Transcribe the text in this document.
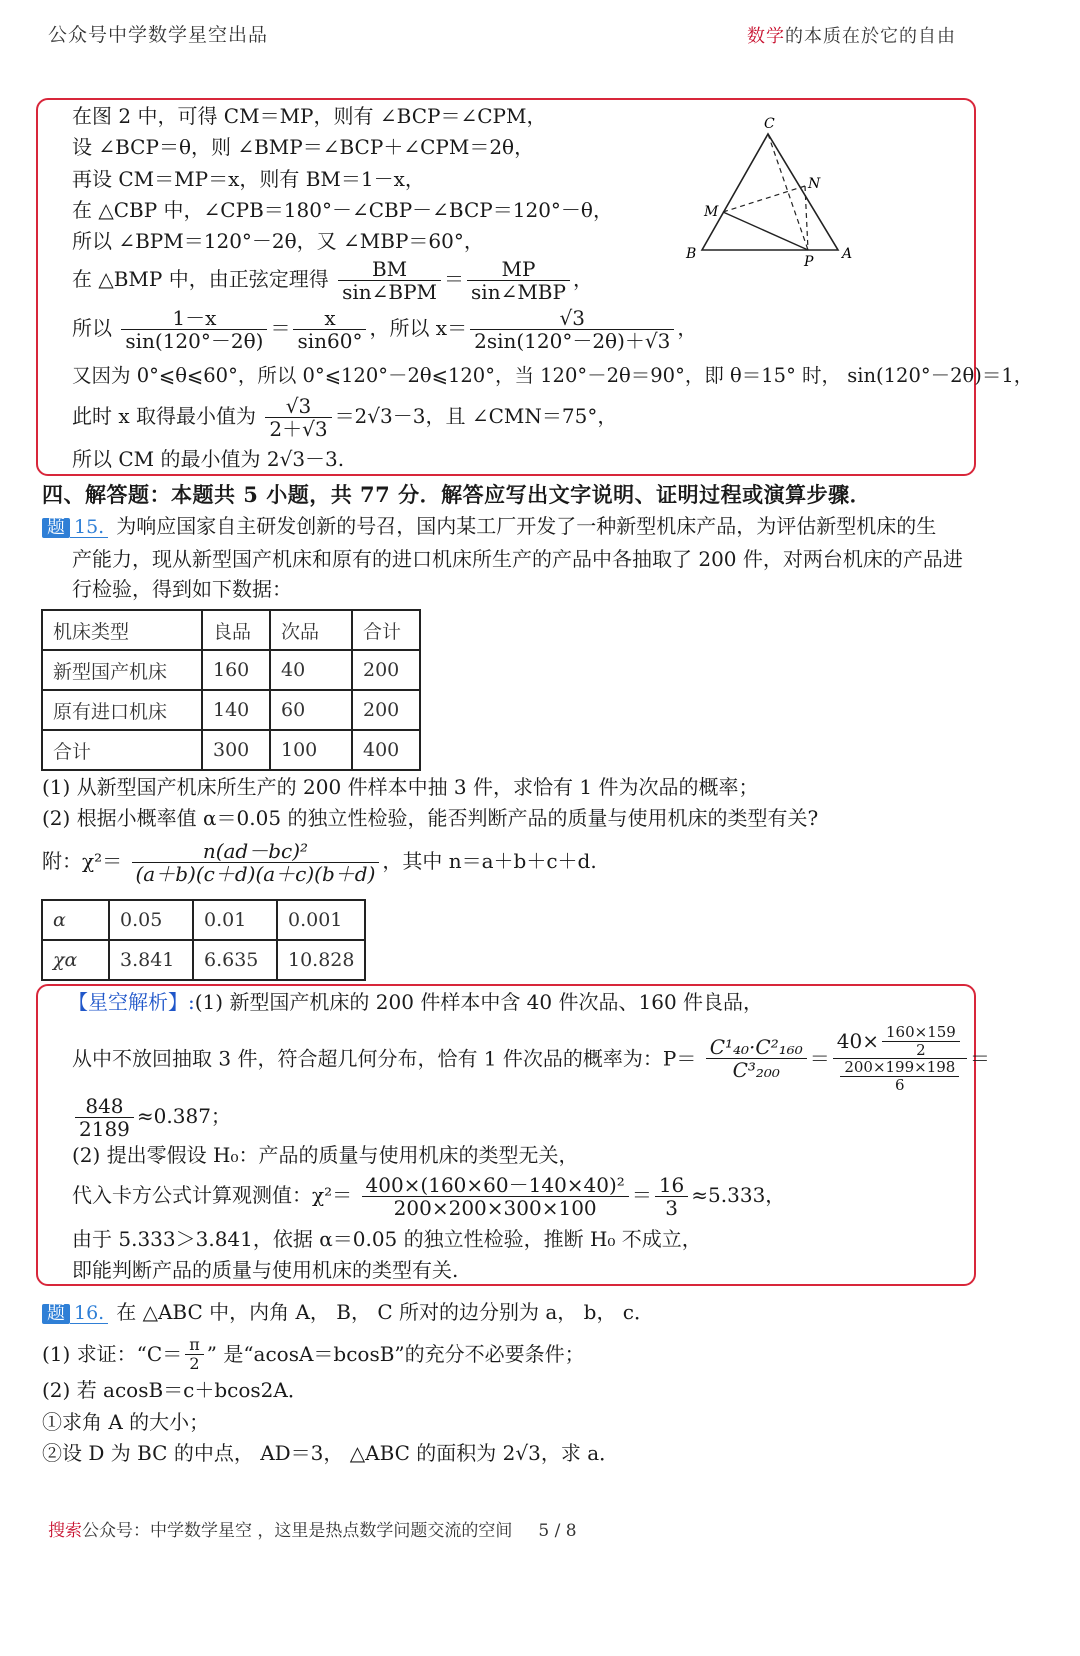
公众号中学数学星空出品	数学的本质在於它的自由
在图 2 中，可得 CM＝MP，则有 ∠BCP＝∠CPM，
设 ∠BCP＝θ，则 ∠BMP＝∠BCP＋∠CPM＝2θ，
再设 CM＝MP＝x，则有 BM＝1－x，
在 △CBP 中，∠CPB＝180°－∠CBP－∠BCP＝120°－θ，
所以 ∠BPM＝120°－2θ，又 ∠MBP＝60°，
在 △BMP 中，由正弦定理得 $\frac{BM}{\text{sin∠BPM}} = \frac{MP}{\text{sin∠MBP}}$ ，
所以 $\frac{1-x}{\sin(120^\circ-2\theta)} = \frac{x}{\sin 60^\circ}$ ，所以 $x= \frac{√3}{2\sin(120^\circ-2\theta)+√3}$ ，
又因为 0°⩽θ⩽60°，所以 0°⩽120°－2θ⩽120°，当 120°－2θ＝90°，即 θ＝15° 时， sin(120°－2θ)＝1，
此时 x 取得最小值为 $\frac{√3}{2+√3} =2√3-3$，且 ∠CMN＝75°，
所以 CM 的最小值为 2√3－3.
C
N
M
B	P A
四、解答题：本题共 5 小题，共 77 分．解答应写出文字说明、证明过程或演算步骤．
题 15. 为响应国家自主研发创新的号召，国内某工厂开发了一种新型机床产品，为评估新型机床的生
产能力，现从新型国产机床和原有的进口机床所生产的产品中各抽取了 200 件，对两台机床的产品进
行检验，得到如下数据：
机床类型	良品	次品	合计
新型国产机床	160	40	200
原有进口机床	140	60	200
合计	300	100	400
(1) 从新型国产机床所生产的 200 件样本中抽 3 件，求恰有 1 件为次品的概率；
(2) 根据小概率值 α＝0.05 的独立性检验，能否判断产品的质量与使用机床的类型有关?
附：$\chi^2= \frac{\text{n(ad－bc)²}}{(a+b)(c+d)(a+c)(b+d)}$ ，其中 n＝a＋b＋c＋d.
α	0.05	0.01	0.001
χα	3.841	6.635	10.828
【星空解析】:(1) 新型国产机床的 200 件样本中含 40 件次品、160 件良品，
从中不放回抽取 3 件，符合超几何分布，恰有 1 件次品的概率为：$P= \frac{\text{C¹₄₀·C²₁₆₀}}{\text{C³₂₀₀}} = \frac{40\times \frac{160\times 159}{2}}{\frac{200\times 199\times 198}{6}}$ ＝
$\frac{848}{2189} \approx 0.387$；
(2) 提出零假设 H₀：产品的质量与使用机床的类型无关，
代入卡方公式计算观测值：$\chi^2= \frac{\text{400×(160×60－140×40)²}}{200\times 200\times 300\times 100} = \frac{16}{3} \approx 5.333$，
由于 5.333＞3.841，依据 α＝0.05 的独立性检验，推断 H₀ 不成立，
即能判断产品的质量与使用机床的类型有关.
题 16. 在 △ABC 中，内角 A， B， C 所对的边分别为 a， b， c．
(1) 求证：“$C= \frac{\pi}{2}$ ” 是“acosA＝bcosB”的充分不必要条件；
(2) 若 acosB＝c＋bcos2A．
①求角 A 的大小；
②设 D 为 BC 的中点， AD＝3， △ABC 的面积为 2√3，求 a．
搜索公众号：中学数学星空 ，这里是热点数学问题交流的空间 5 / 8
